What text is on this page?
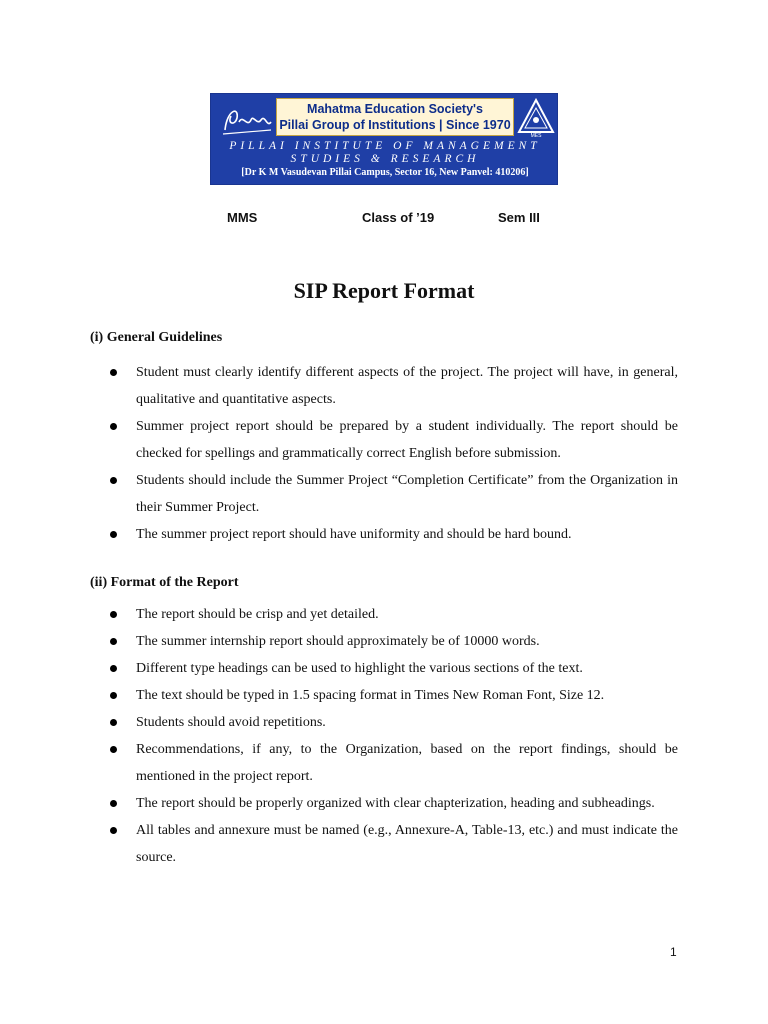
Mahatma Education Society's
Pillai Group of Institutions | Since 1970
MES
PILLAI INSTITUTE OF MANAGEMENT
STUDIES & RESEARCH
[Dr K M Vasudevan Pillai Campus, Sector 16, New Panvel: 410206]
MMS	Class of ’19	Sem III
SIP Report Format
(i) General Guidelines
Student must clearly identify different aspects of the project. The project will have, in general, qualitative and quantitative aspects.
Summer project report should be prepared by a student individually. The report should be checked for spellings and grammatically correct English before submission.
Students should include the Summer Project “Completion Certificate” from the Organization in their Summer Project.
The summer project report should have uniformity and should be hard bound.
(ii) Format of the Report
The report should be crisp and yet detailed.
The summer internship report should approximately be of 10000 words.
Different type headings can be used to highlight the various sections of the text.
The text should be typed in 1.5 spacing format in Times New Roman Font, Size 12.
Students should avoid repetitions.
Recommendations, if any, to the Organization, based on the report findings, should be mentioned in the project report.
The report should be properly organized with clear chapterization, heading and subheadings.
All tables and annexure must be named (e.g., Annexure-A, Table-13, etc.) and must indicate the source.
1
